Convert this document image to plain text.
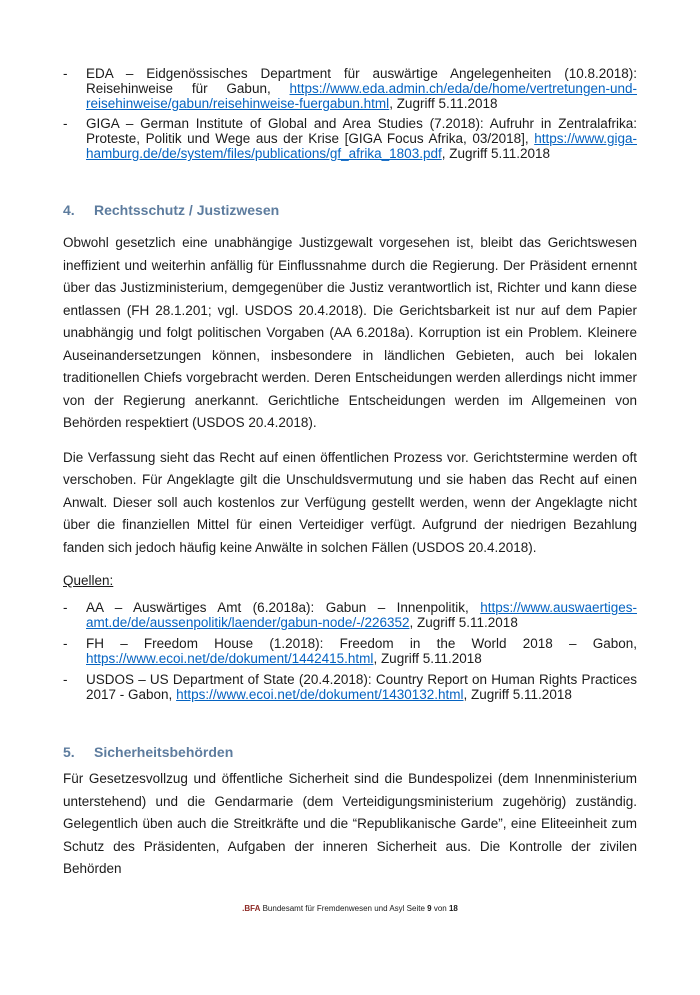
-	EDA – Eidgenössisches Department für auswärtige Angelegenheiten (10.8.2018): Reisehinweise für Gabun, https://www.eda.admin.ch/eda/de/home/vertretungen-und-reisehinweise/gabun/reisehinweise-fuergabun.html, Zugriff 5.11.2018
-	GIGA – German Institute of Global and Area Studies (7.2018): Aufruhr in Zentralafrika: Proteste, Politik und Wege aus der Krise [GIGA Focus Afrika, 03/2018], https://www.giga-hamburg.de/de/system/files/publications/gf_afrika_1803.pdf, Zugriff 5.11.2018
4.	Rechtsschutz / Justizwesen
Obwohl gesetzlich eine unabhängige Justizgewalt vorgesehen ist, bleibt das Gerichtswesen ineffizient und weiterhin anfällig für Einflussnahme durch die Regierung. Der Präsident ernennt über das Justizministerium, demgegenüber die Justiz verantwortlich ist, Richter und kann diese entlassen (FH 28.1.201; vgl. USDOS 20.4.2018). Die Gerichtsbarkeit ist nur auf dem Papier unabhängig und folgt politischen Vorgaben (AA 6.2018a). Korruption ist ein Problem. Kleinere Auseinandersetzungen können, insbesondere in ländlichen Gebieten, auch bei lokalen traditionellen Chiefs vorgebracht werden. Deren Entscheidungen werden allerdings nicht immer von der Regierung anerkannt. Gerichtliche Entscheidungen werden im Allgemeinen von Behörden respektiert (USDOS 20.4.2018).
Die Verfassung sieht das Recht auf einen öffentlichen Prozess vor. Gerichtstermine werden oft verschoben. Für Angeklagte gilt die Unschuldsvermutung und sie haben das Recht auf einen Anwalt. Dieser soll auch kostenlos zur Verfügung gestellt werden, wenn der Angeklagte nicht über die finanziellen Mittel für einen Verteidiger verfügt. Aufgrund der niedrigen Bezahlung fanden sich jedoch häufig keine Anwälte in solchen Fällen (USDOS 20.4.2018).
Quellen:
-	AA – Auswärtiges Amt (6.2018a): Gabun – Innenpolitik, https://www.auswaertiges-amt.de/de/aussenpolitik/laender/gabun-node/-/226352, Zugriff 5.11.2018
-	FH – Freedom House (1.2018): Freedom in the World 2018 – Gabon, https://www.ecoi.net/de/dokument/1442415.html, Zugriff 5.11.2018
-	USDOS – US Department of State (20.4.2018): Country Report on Human Rights Practices 2017 - Gabon, https://www.ecoi.net/de/dokument/1430132.html, Zugriff 5.11.2018
5.	Sicherheitsbehörden
Für Gesetzesvollzug und öffentliche Sicherheit sind die Bundespolizei (dem Innenministerium unterstehend) und die Gendarmarie (dem Verteidigungsministerium zugehörig) zuständig. Gelegentlich üben auch die Streitkräfte und die “Republikanische Garde”, eine Eliteeinheit zum Schutz des Präsidenten, Aufgaben der inneren Sicherheit aus. Die Kontrolle der zivilen Behörden
.BFA Bundesamt für Fremdenwesen und Asyl Seite 9 von 18
